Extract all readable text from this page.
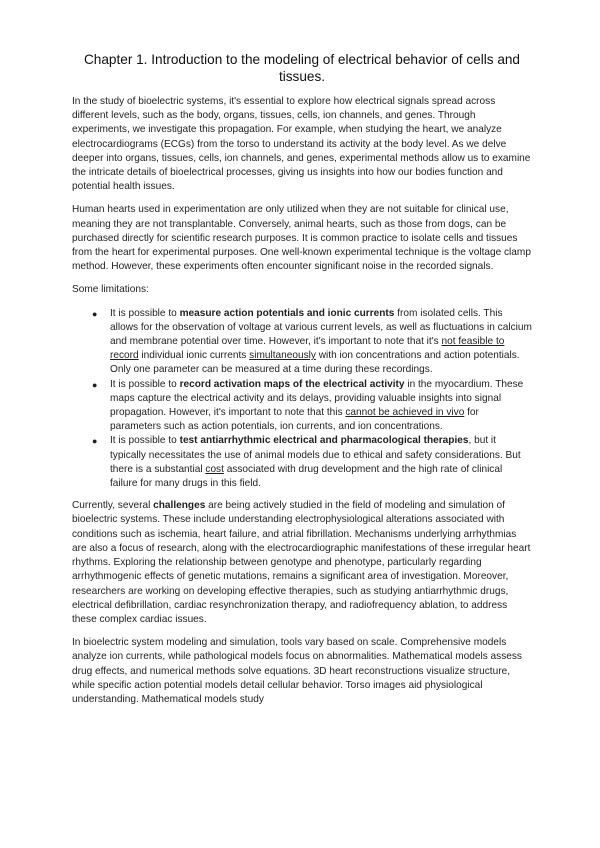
Chapter 1. Introduction to the modeling of electrical behavior of cells and tissues.

In the study of bioelectric systems, it's essential to explore how electrical signals spread across different levels, such as the body, organs, tissues, cells, ion channels, and genes. Through experiments, we investigate this propagation. For example, when studying the heart, we analyze electrocardiograms (ECGs) from the torso to understand its activity at the body level. As we delve deeper into organs, tissues, cells, ion channels, and genes, experimental methods allow us to examine the intricate details of bioelectrical processes, giving us insights into how our bodies function and potential health issues.

Human hearts used in experimentation are only utilized when they are not suitable for clinical use, meaning they are not transplantable. Conversely, animal hearts, such as those from dogs, can be purchased directly for scientific research purposes. It is common practice to isolate cells and tissues from the heart for experimental purposes. One well-known experimental technique is the voltage clamp method. However, these experiments often encounter significant noise in the recorded signals.

Some limitations:

● It is possible to measure action potentials and ionic currents from isolated cells. This allows for the observation of voltage at various current levels, as well as fluctuations in calcium and membrane potential over time. However, it's important to note that it's not feasible to record individual ionic currents simultaneously with ion concentrations and action potentials. Only one parameter can be measured at a time during these recordings.
● It is possible to record activation maps of the electrical activity in the myocardium. These maps capture the electrical activity and its delays, providing valuable insights into signal propagation. However, it's important to note that this cannot be achieved in vivo for parameters such as action potentials, ion currents, and ion concentrations.
● It is possible to test antiarrhythmic electrical and pharmacological therapies, but it typically necessitates the use of animal models due to ethical and safety considerations. But there is a substantial cost associated with drug development and the high rate of clinical failure for many drugs in this field.

Currently, several challenges are being actively studied in the field of modeling and simulation of bioelectric systems. These include understanding electrophysiological alterations associated with conditions such as ischemia, heart failure, and atrial fibrillation. Mechanisms underlying arrhythmias are also a focus of research, along with the electrocardiographic manifestations of these irregular heart rhythms. Exploring the relationship between genotype and phenotype, particularly regarding arrhythmogenic effects of genetic mutations, remains a significant area of investigation. Moreover, researchers are working on developing effective therapies, such as studying antiarrhythmic drugs, electrical defibrillation, cardiac resynchronization therapy, and radiofrequency ablation, to address these complex cardiac issues.

In bioelectric system modeling and simulation, tools vary based on scale. Comprehensive models analyze ion currents, while pathological models focus on abnormalities. Mathematical models assess drug effects, and numerical methods solve equations. 3D heart reconstructions visualize structure, while specific action potential models detail cellular behavior. Torso images aid physiological understanding. Mathematical models study
